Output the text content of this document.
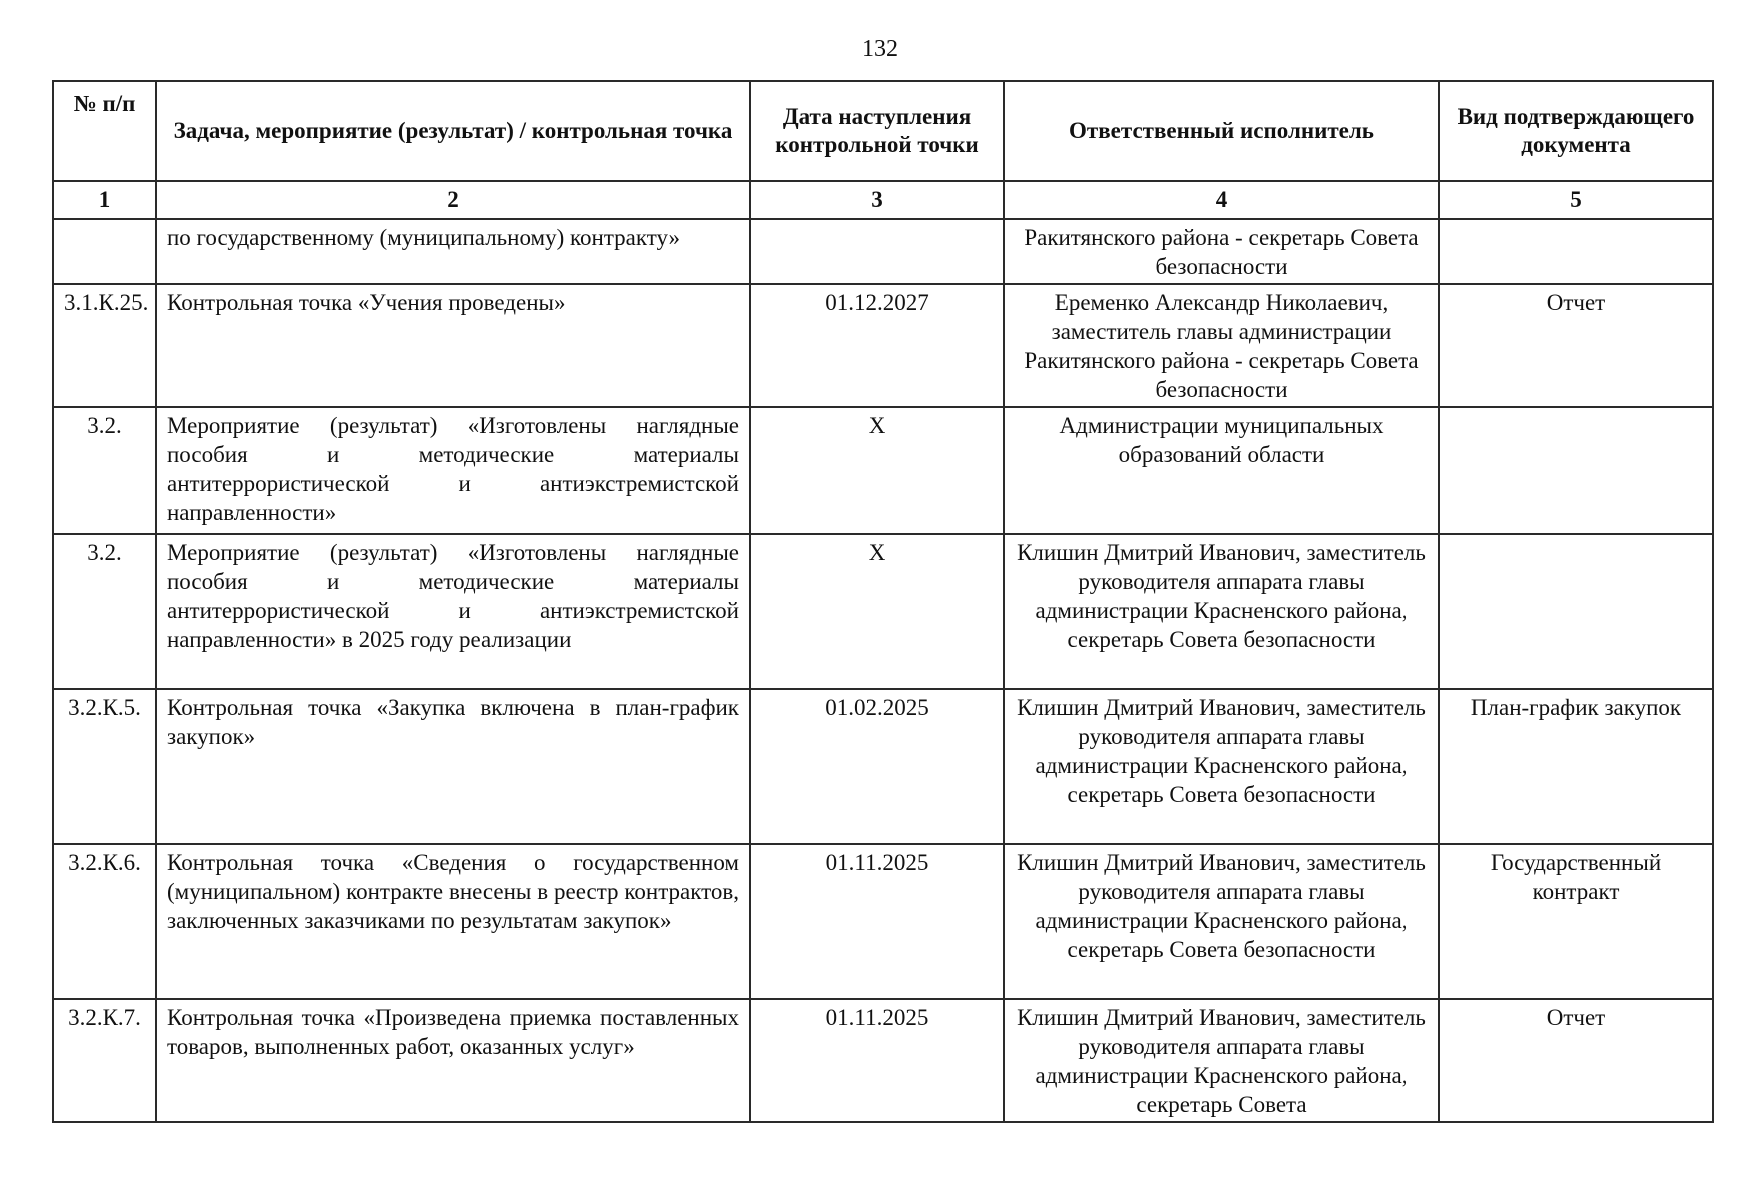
132
№ п/п	Задача, мероприятие (результат) / контрольная точка	Дата наступления контрольной точки	Ответственный исполнитель	Вид подтверждающего документа
1	2	3	4	5
	по государственному (муниципальному) контракту»		Ракитянского района - секретарь Совета безопасности	
3.1.К.25.	Контрольная точка «Учения проведены»	01.12.2027	Еременко Александр Николаевич, заместитель главы администрации Ракитянского района - секретарь Совета безопасности	Отчет
3.2.	Мероприятие (результат) «Изготовлены наглядные пособия и методические материалы антитеррористической и антиэкстремистской направленности»	Х	Администрации муниципальных образований области	
3.2.	Мероприятие (результат) «Изготовлены наглядные пособия и методические материалы антитеррористической и антиэкстремистской направленности» в 2025 году реализации	Х	Клишин Дмитрий Иванович, заместитель руководителя аппарата главы администрации Красненского района, секретарь Совета безопасности	
3.2.К.5.	Контрольная точка «Закупка включена в план-график закупок»	01.02.2025	Клишин Дмитрий Иванович, заместитель руководителя аппарата главы администрации Красненского района, секретарь Совета безопасности	План-график закупок
3.2.К.6.	Контрольная точка «Сведения о государственном (муниципальном) контракте внесены в реестр контрактов, заключенных заказчиками по результатам закупок»	01.11.2025	Клишин Дмитрий Иванович, заместитель руководителя аппарата главы администрации Красненского района, секретарь Совета безопасности	Государственный контракт
3.2.К.7.	Контрольная точка «Произведена приемка поставленных товаров, выполненных работ, оказанных услуг»	01.11.2025	Клишин Дмитрий Иванович, заместитель руководителя аппарата главы администрации Красненского района, секретарь Совета	Отчет
